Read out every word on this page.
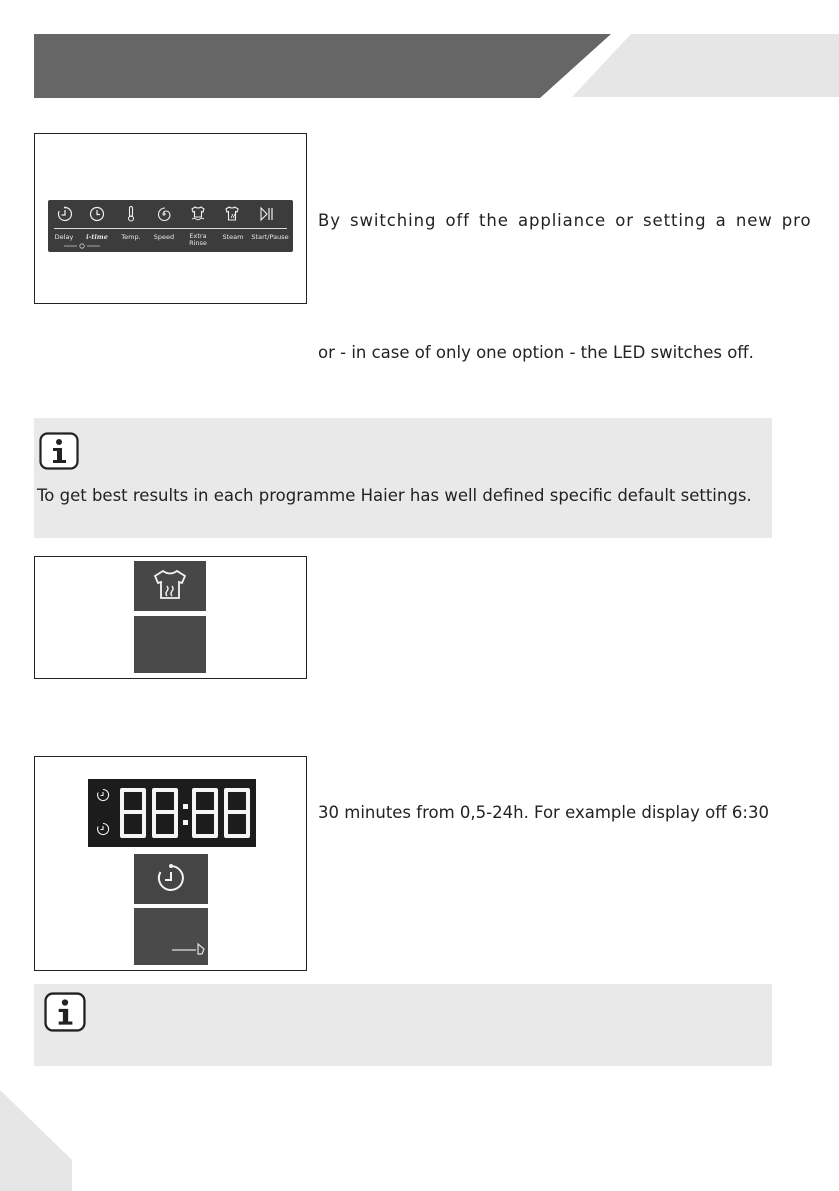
Delay	i-time	Temp.	Speed	Extra Rinse
Steam	Start/Pause
By switching off the appliance or setting a new pro
or - in case of only one option - the LED switches off.
To get best results in each programme Haier has well defined specific default settings.
30 minutes from 0,5-24h. For example display off 6:30
